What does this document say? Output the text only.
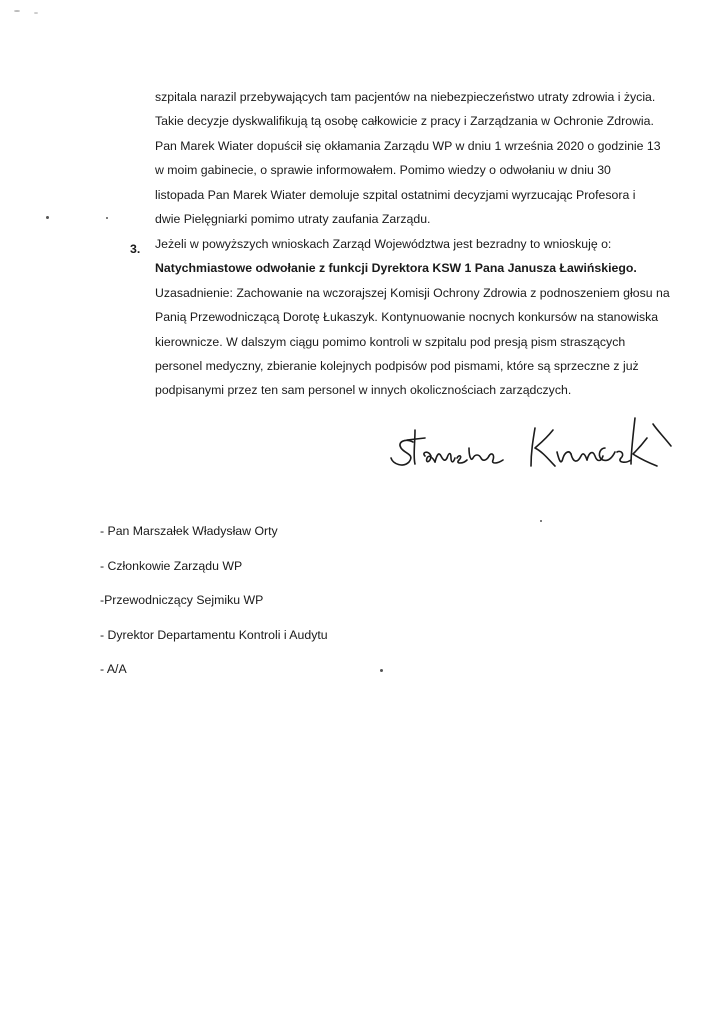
szpitala narazil przebywających tam pacjentów na niebezpieczeństwo utraty zdrowia i życia.
Takie decyzje dyskwalifikują tą osobę całkowicie z pracy i Zarządzania w Ochronie Zdrowia.
Pan Marek Wiater dopuścił się okłamania Zarządu WP w dniu 1 września 2020 o godzinie 13
w moim gabinecie, o sprawie informowałem. Pomimo wiedzy o odwołaniu w dniu 30
listopada Pan Marek Wiater demoluje szpital ostatnimi decyzjami wyrzucając Profesora i
dwie Pielęgniarki pomimo utraty zaufania Zarządu.
3. Jeżeli w powyższych wnioskach Zarząd Województwa jest bezradny to wnioskuję o:
Natychmiastowe odwołanie z funkcji Dyrektora KSW 1 Pana Janusza Ławińskiego.
Uzasadnienie: Zachowanie na wczorajszej Komisji Ochrony Zdrowia z podnoszeniem głosu na
Panią Przewodniczącą Dorotę Łukaszyk. Kontynuowanie nocnych konkursów na stanowiska
kierownicze. W dalszym ciągu pomimo kontroli w szpitalu pod presją pism straszących
personel medyczny, zbieranie kolejnych podpisów pod pismami, które są sprzeczne z już
podpisanymi przez ten sam personel w innych okolicznościach zarządczych.
- Pan Marszałek Władysław Orty
- Członkowie Zarządu WP
-Przewodniczący Sejmiku WP
- Dyrektor Departamentu Kontroli i Audytu
- A/A
